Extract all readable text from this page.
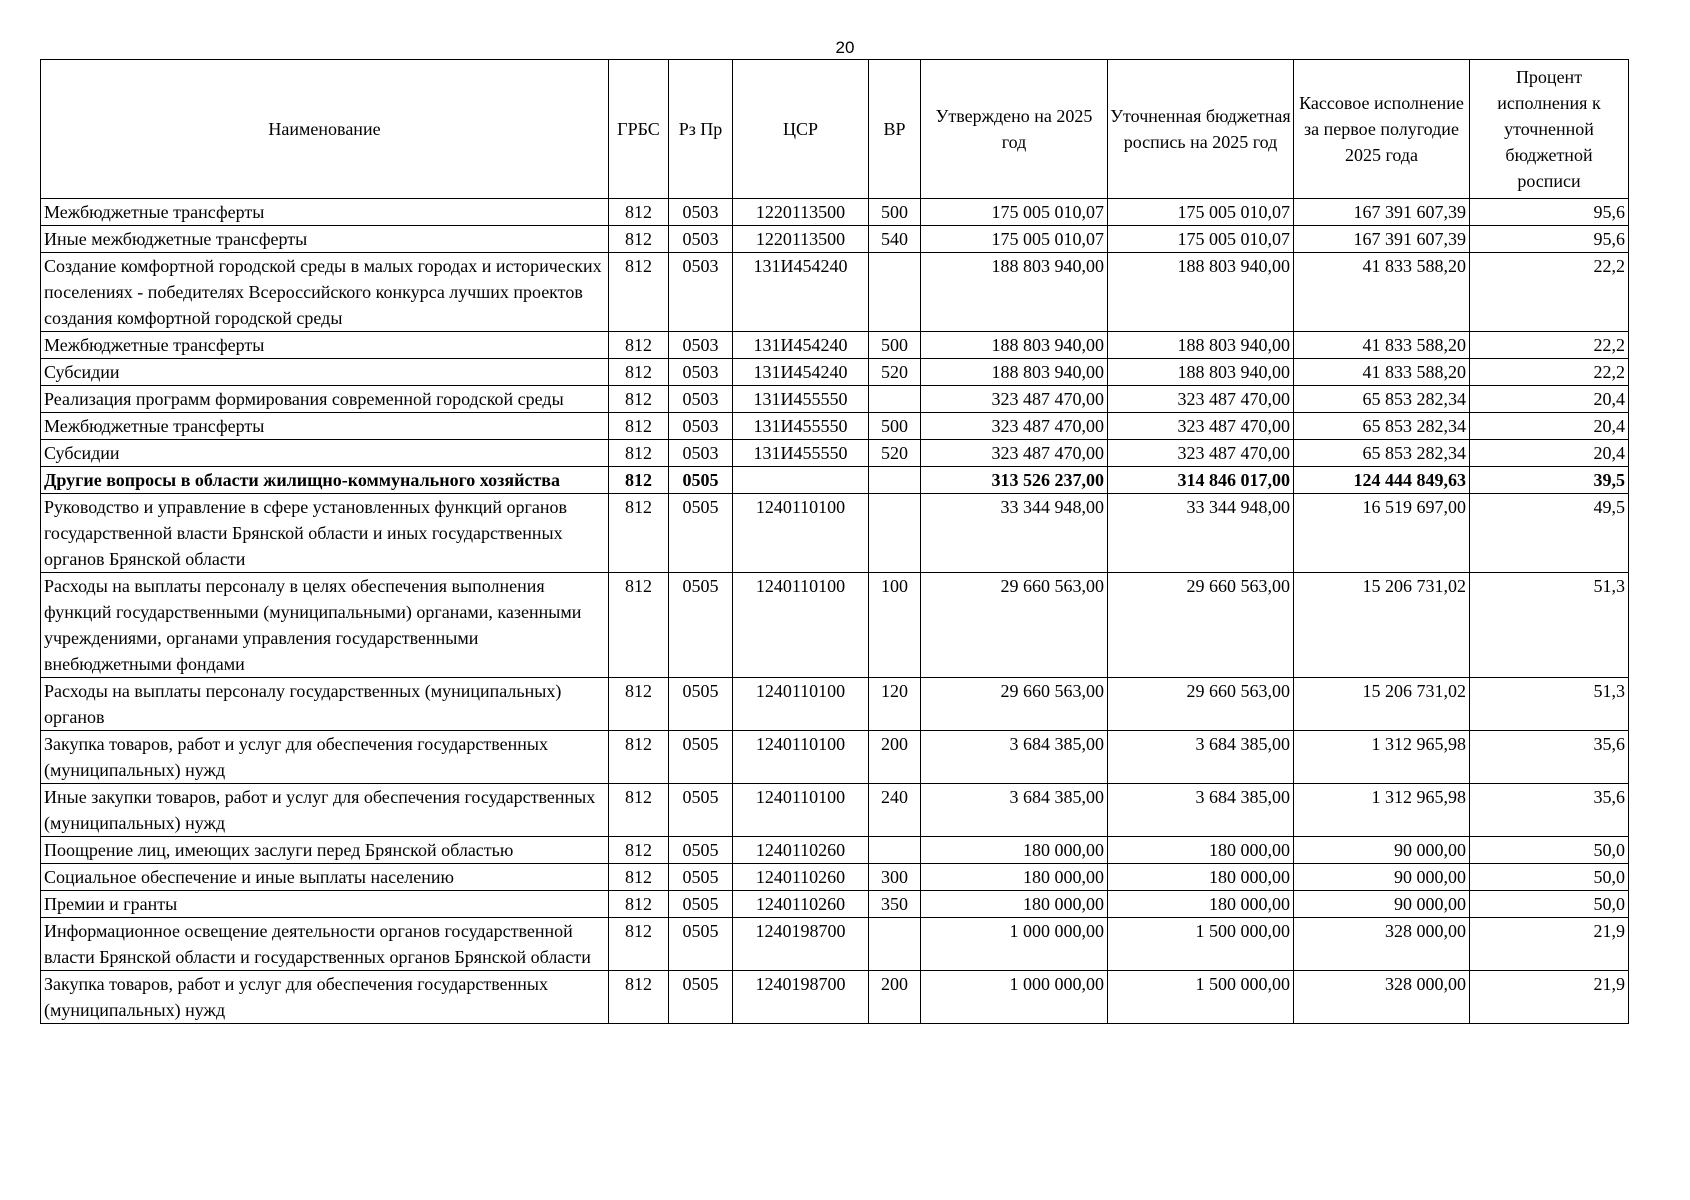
20
Наименование	ГРБС	Рз Пр	ЦСР	ВР	Утверждено на 2025 год	Уточненная бюджетная роспись на 2025 год	Кассовое исполнение за первое полугодие 2025 года	Процент исполнения к уточненной бюджетной росписи
Межбюджетные трансферты	812	0503	1220113500	500	175 005 010,07	175 005 010,07	167 391 607,39	95,6
Иные межбюджетные трансферты	812	0503	1220113500	540	175 005 010,07	175 005 010,07	167 391 607,39	95,6
Создание комфортной городской среды в малых городах и исторических поселениях - победителях Всероссийского конкурса лучших проектов создания комфортной городской среды	812	0503	131И454240		188 803 940,00	188 803 940,00	41 833 588,20	22,2
Межбюджетные трансферты	812	0503	131И454240	500	188 803 940,00	188 803 940,00	41 833 588,20	22,2
Субсидии	812	0503	131И454240	520	188 803 940,00	188 803 940,00	41 833 588,20	22,2
Реализация программ формирования современной городской среды	812	0503	131И455550		323 487 470,00	323 487 470,00	65 853 282,34	20,4
Межбюджетные трансферты	812	0503	131И455550	500	323 487 470,00	323 487 470,00	65 853 282,34	20,4
Субсидии	812	0503	131И455550	520	323 487 470,00	323 487 470,00	65 853 282,34	20,4
Другие вопросы в области жилищно-коммунального хозяйства	812	0505			313 526 237,00	314 846 017,00	124 444 849,63	39,5
Руководство и управление в сфере установленных функций органов государственной власти Брянской области и иных государственных органов Брянской области	812	0505	1240110100		33 344 948,00	33 344 948,00	16 519 697,00	49,5
Расходы на выплаты персоналу в целях обеспечения выполнения функций государственными (муниципальными) органами, казенными учреждениями, органами управления государственными внебюджетными фондами	812	0505	1240110100	100	29 660 563,00	29 660 563,00	15 206 731,02	51,3
Расходы на выплаты персоналу государственных (муниципальных) органов	812	0505	1240110100	120	29 660 563,00	29 660 563,00	15 206 731,02	51,3
Закупка товаров, работ и услуг для обеспечения государственных (муниципальных) нужд	812	0505	1240110100	200	3 684 385,00	3 684 385,00	1 312 965,98	35,6
Иные закупки товаров, работ и услуг для обеспечения государственных (муниципальных) нужд	812	0505	1240110100	240	3 684 385,00	3 684 385,00	1 312 965,98	35,6
Поощрение лиц, имеющих заслуги перед Брянской областью	812	0505	1240110260		180 000,00	180 000,00	90 000,00	50,0
Социальное обеспечение и иные выплаты населению	812	0505	1240110260	300	180 000,00	180 000,00	90 000,00	50,0
Премии и гранты	812	0505	1240110260	350	180 000,00	180 000,00	90 000,00	50,0
Информационное освещение деятельности органов государственной власти Брянской области и государственных органов Брянской области	812	0505	1240198700		1 000 000,00	1 500 000,00	328 000,00	21,9
Закупка товаров, работ и услуг для обеспечения государственных (муниципальных) нужд	812	0505	1240198700	200	1 000 000,00	1 500 000,00	328 000,00	21,9
